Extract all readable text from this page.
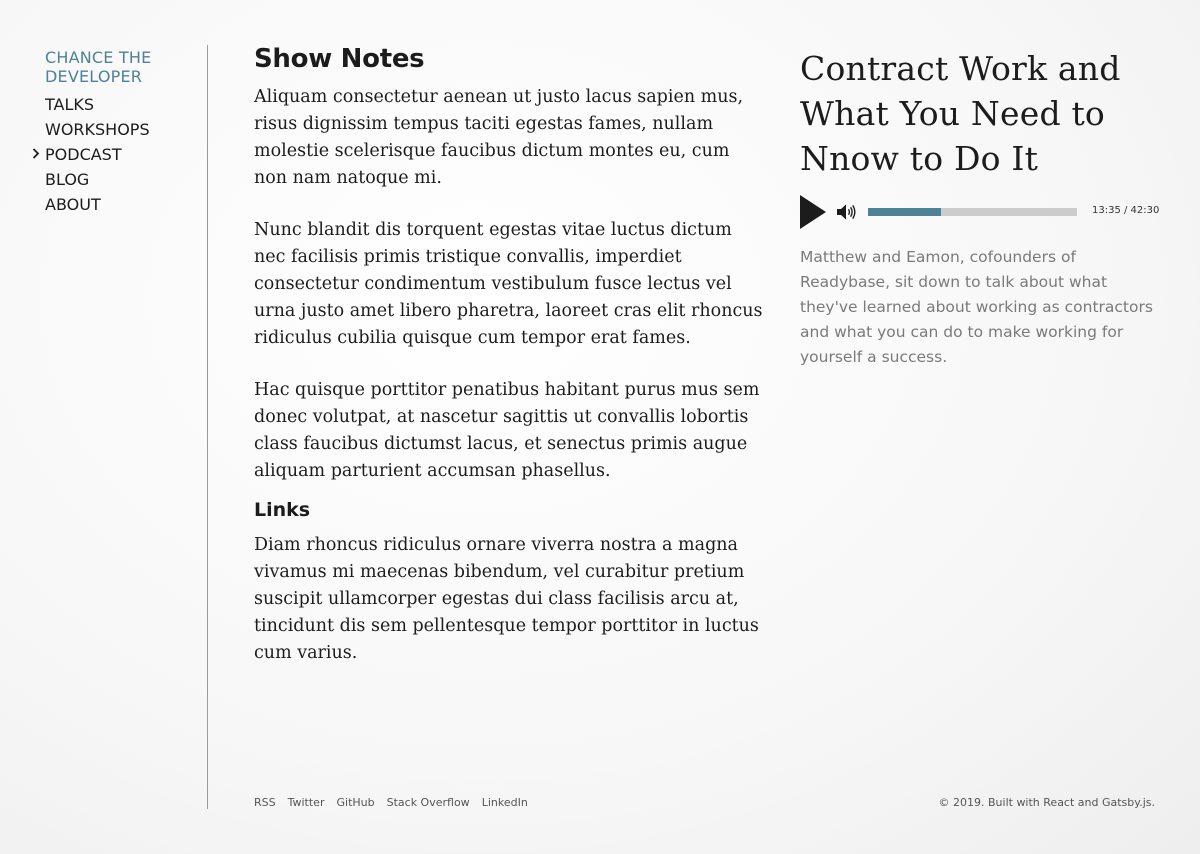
CHANCE THE DEVELOPER
TALKS
WORKSHOPS
PODCAST
BLOG
ABOUT
Show Notes

Aliquam consectetur aenean ut justo lacus sapien mus, risus dignissim tempus taciti egestas fames, nullam molestie scelerisque faucibus dictum montes eu, cum non nam natoque mi.

Nunc blandit dis torquent egestas vitae luctus dictum nec facilisis primis tristique convallis, imperdiet consectetur condimentum vestibulum fusce lectus vel urna justo amet libero pharetra, laoreet cras elit rhoncus ridiculus cubilia quisque cum tempor erat fames.

Hac quisque porttitor penatibus habitant purus mus sem donec volutpat, at nascetur sagittis ut convallis lobortis class faucibus dictumst lacus, et senectus primis augue aliquam parturient accumsan phasellus.

Links

Diam rhoncus ridiculus ornare viverra nostra a magna vivamus mi maecenas bibendum, vel curabitur pretium suscipit ullamcorper egestas dui class facilisis arcu at, tincidunt dis sem pellentesque tempor porttitor in luctus cum varius.

Contract Work and What You Need to Nnow to Do It
13:35 / 42:30
Matthew and Eamon, cofounders of Readybase, sit down to talk about what they've learned about working as contractors and what you can do to make working for yourself a success.
RSS Twitter GitHub Stack Overflow LinkedIn	© 2019. Built with React and Gatsby.js.
